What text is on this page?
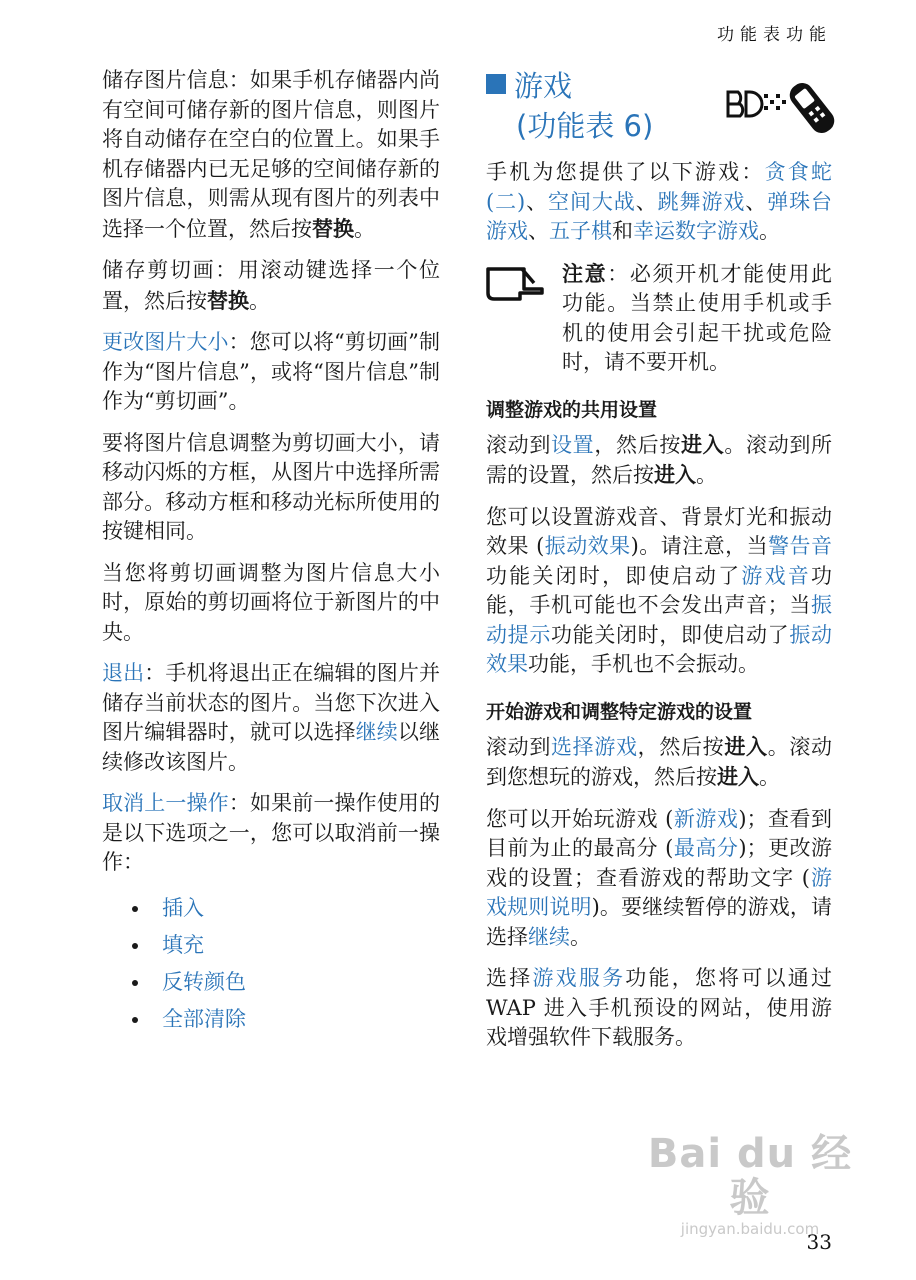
功能表功能

储存图片信息：如果手机存储器内尚有空间可储存新的图片信息，则图片将自动储存在空白的位置上。如果手机存储器内已无足够的空间储存新的图片信息，则需从现有图片的列表中选择一个位置，然后按替换。

储存剪切画：用滚动键选择一个位置，然后按替换。

更改图片大小：您可以将“剪切画”制作为“图片信息”，或将“图片信息”制作为“剪切画”。

要将图片信息调整为剪切画大小，请移动闪烁的方框，从图片中选择所需部分。移动方框和移动光标所使用的按键相同。

当您将剪切画调整为图片信息大小时，原始的剪切画将位于新图片的中央。

退出：手机将退出正在编辑的图片并储存当前状态的图片。当您下次进入图片编辑器时，就可以选择继续以继续修改该图片。

取消上一操作：如果前一操作使用的是以下选项之一，您可以取消前一操作：

插入
填充
反转颜色
全部清除
游戏
(功能表 6)

手机为您提供了以下游戏：贪食蛇 (二)、空间大战、跳舞游戏、弹珠台游戏、五子棋和幸运数字游戏。

注意：必须开机才能使用此功能。当禁止使用手机或手机的使用会引起干扰或危险时，请不要开机。

调整游戏的共用设置

滚动到设置，然后按进入。滚动到所需的设置，然后按进入。

您可以设置游戏音、背景灯光和振动效果 (振动效果)。请注意，当警告音功能关闭时，即使启动了游戏音功能，手机可能也不会发出声音；当振动提示功能关闭时，即使启动了振动效果功能，手机也不会振动。

开始游戏和调整特定游戏的设置

滚动到选择游戏，然后按进入。滚动到您想玩的游戏，然后按进入。

您可以开始玩游戏 (新游戏)；查看到目前为止的最高分 (最高分)；更改游戏的设置；查看游戏的帮助文字 (游戏规则说明)。要继续暂停的游戏，请选择继续。

选择游戏服务功能，您将可以通过 WAP 进入手机预设的网站，使用游戏增强软件下载服务。

Bai du 经验
jingyan.baidu.com
33
